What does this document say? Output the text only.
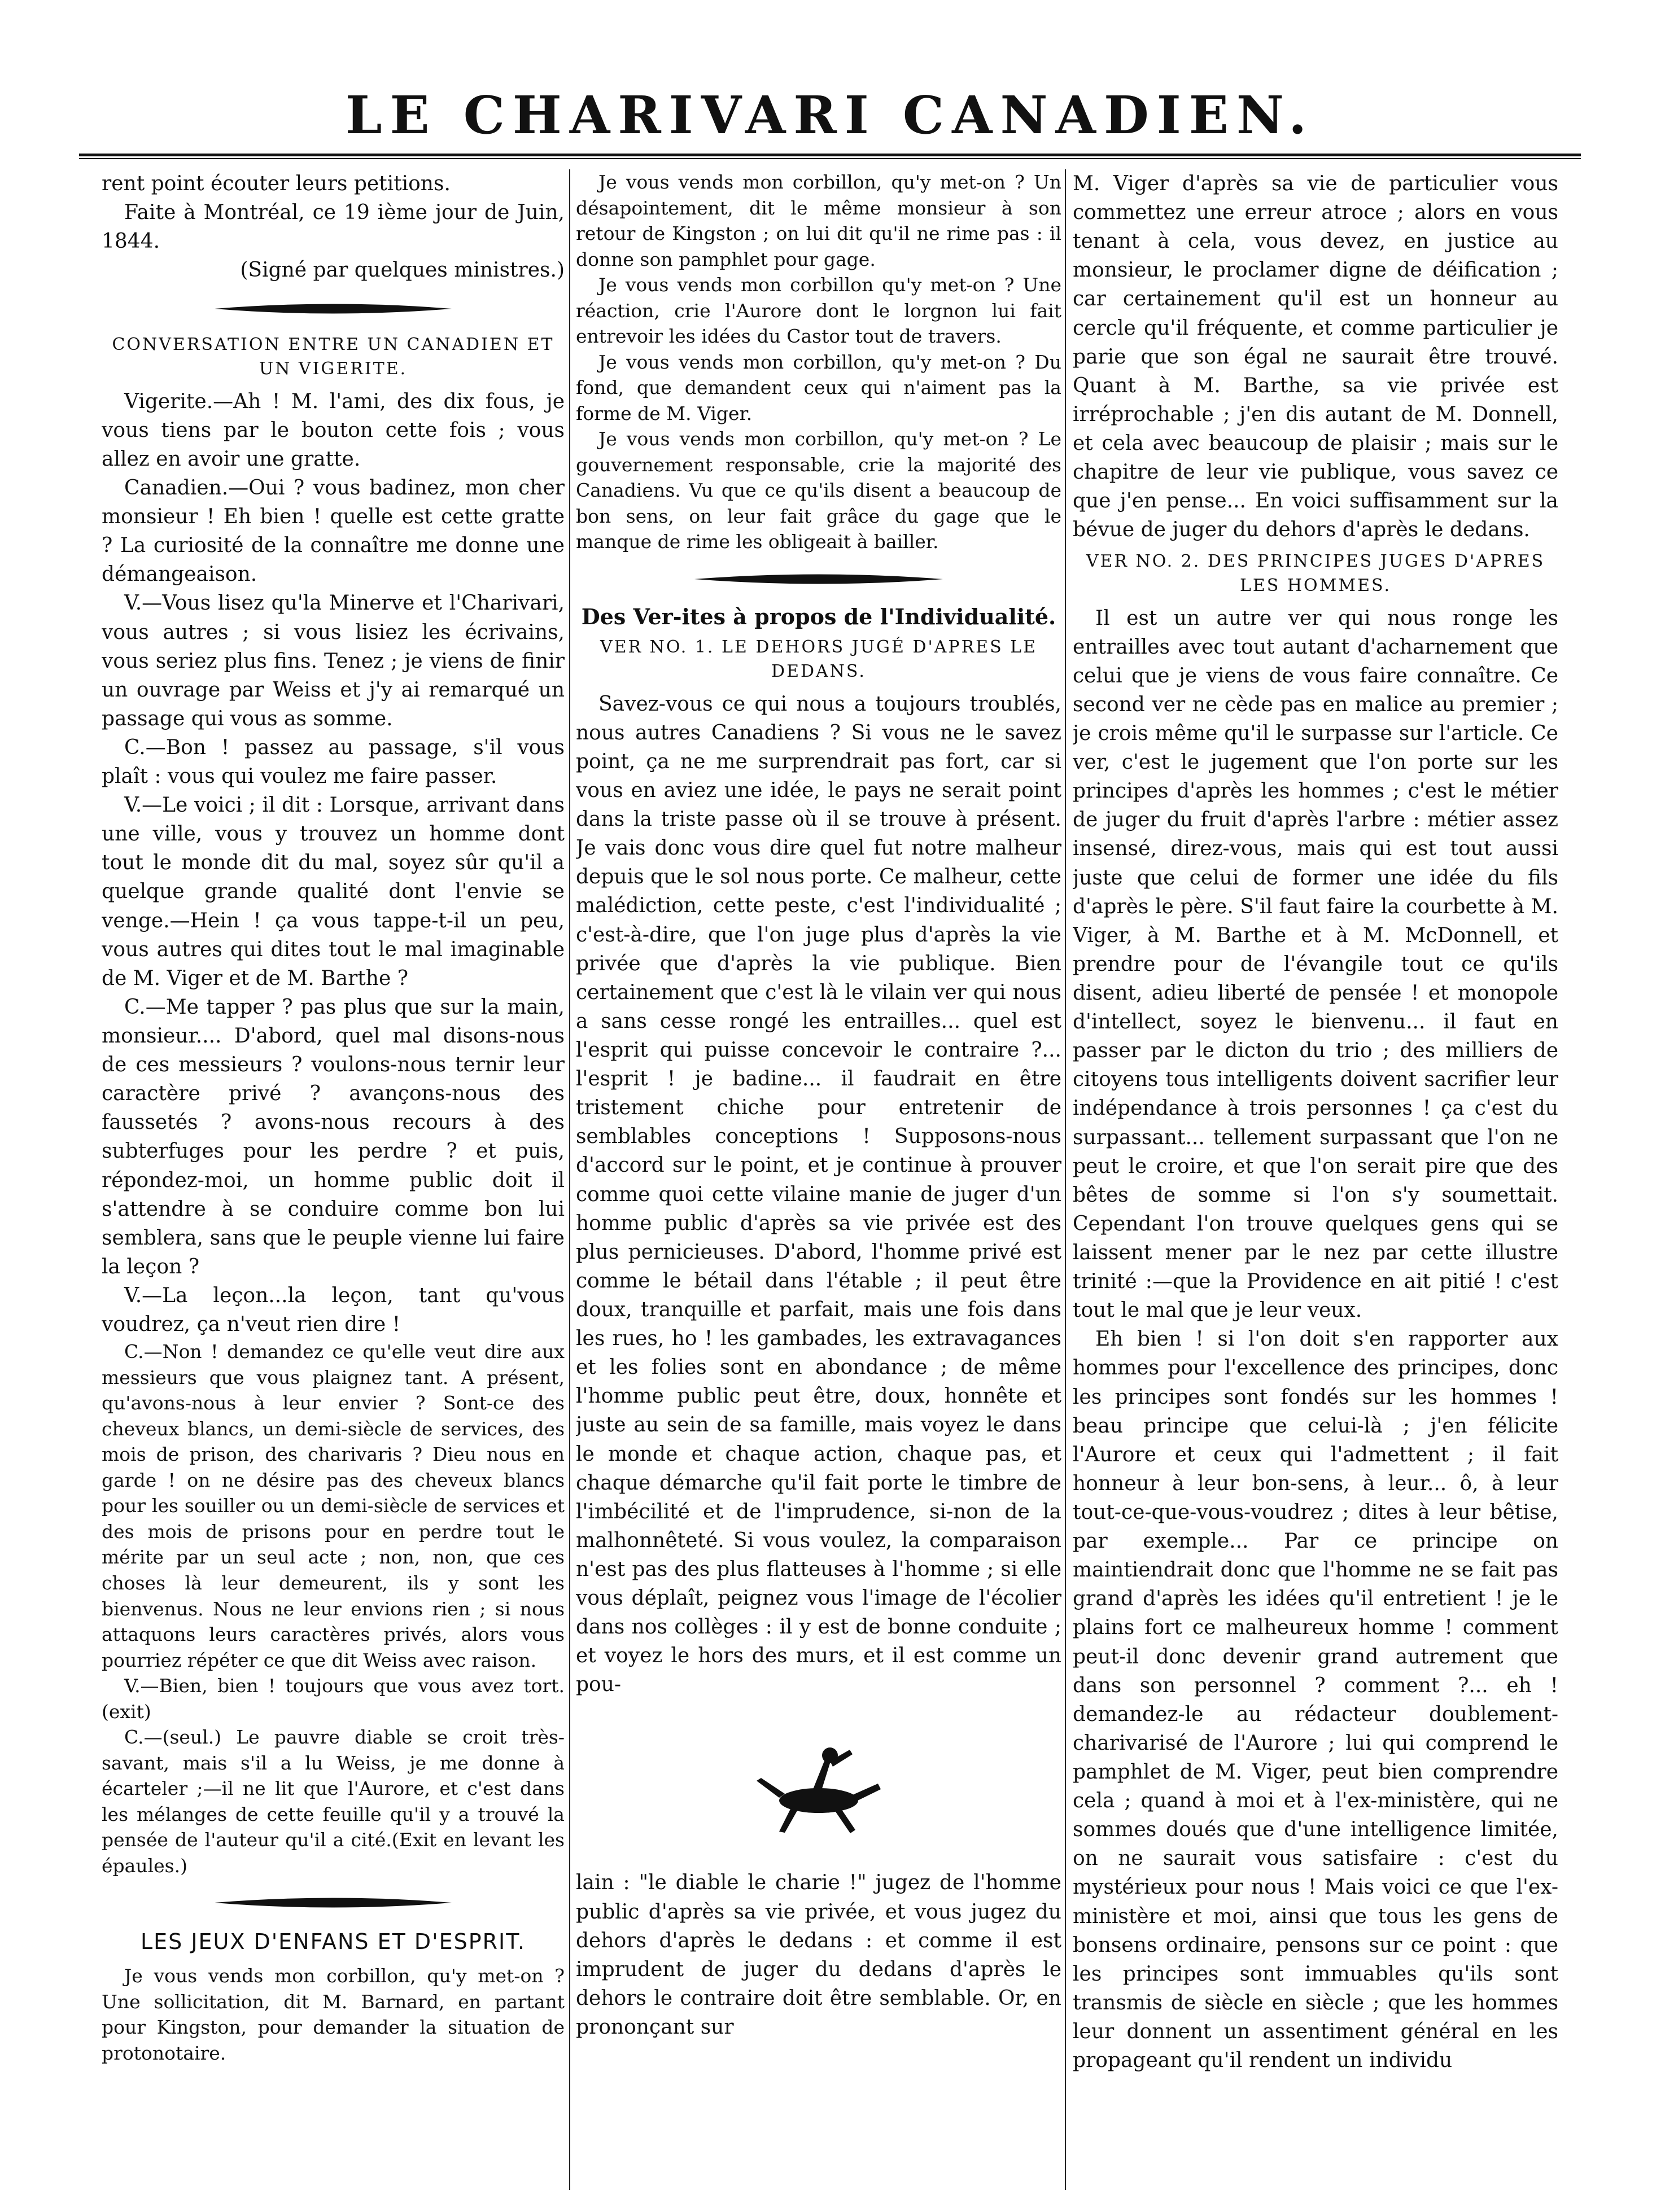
LE CHARIVARI CANADIEN.

rent point écouter leurs petitions.

Faite à Montréal, ce 19 ième jour de Juin, 1844.

(Signé par quelques ministres.)

CONVERSATION ENTRE UN CANADIEN ET UN VIGERITE.

Vigerite.—Ah ! M. l'ami, des dix fous, je vous tiens par le bouton cette fois ; vous allez en avoir une gratte.

Canadien.—Oui ? vous badinez, mon cher monsieur ! Eh bien ! quelle est cette gratte ? La curiosité de la connaître me donne une démangeaison.

V.—Vous lisez qu'la Minerve et l'Charivari, vous autres ; si vous lisiez les écrivains, vous seriez plus fins. Tenez ; je viens de finir un ouvrage par Weiss et j'y ai remarqué un passage qui vous as somme.

C.—Bon ! passez au passage, s'il vous plaît : vous qui voulez me faire passer.

V.—Le voici ; il dit : Lorsque, arrivant dans une ville, vous y trouvez un homme dont tout le monde dit du mal, soyez sûr qu'il a quelque grande qualité dont l'envie se venge.—Hein ! ça vous tappe-t-il un peu, vous autres qui dites tout le mal imaginable de M. Viger et de M. Barthe ?

C.—Me tapper ? pas plus que sur la main, monsieur.... D'abord, quel mal disons-nous de ces messieurs ? voulons-nous ternir leur caractère privé ? avançons-nous des faussetés ? avons-nous recours à des subterfuges pour les perdre ? et puis, répondez-moi, un homme public doit il s'attendre à se conduire comme bon lui semblera, sans que le peuple vienne lui faire la leçon ?

V.—La leçon...la leçon, tant qu'vous voudrez, ça n'veut rien dire !

C.—Non ! demandez ce qu'elle veut dire aux messieurs que vous plaignez tant. A présent, qu'avons-nous à leur envier ? Sont-ce des cheveux blancs, un demi-siècle de services, des mois de prison, des charivaris ? Dieu nous en garde ! on ne désire pas des cheveux blancs pour les souiller ou un demi-siècle de services et des mois de prisons pour en perdre tout le mérite par un seul acte ; non, non, que ces choses là leur demeurent, ils y sont les bienvenus. Nous ne leur envions rien ; si nous attaquons leurs caractères privés, alors vous pourriez répéter ce que dit Weiss avec raison.

V.—Bien, bien ! toujours que vous avez tort. (exit)

C.—(seul.) Le pauvre diable se croit très-savant, mais s'il a lu Weiss, je me donne à écarteler ;—il ne lit que l'Aurore, et c'est dans les mélanges de cette feuille qu'il y a trouvé la pensée de l'auteur qu'il a cité.(Exit en levant les épaules.)

LES JEUX D'ENFANS ET D'ESPRIT.

Je vous vends mon corbillon, qu'y met-on ? Une sollicitation, dit M. Barnard, en partant pour Kingston, pour demander la situation de protonotaire.

Je vous vends mon corbillon, qu'y met-on ? Un désapointement, dit le même monsieur à son retour de Kingston ; on lui dit qu'il ne rime pas : il donne son pamphlet pour gage.

Je vous vends mon corbillon qu'y met-on ? Une réaction, crie l'Aurore dont le lorgnon lui fait entrevoir les idées du Castor tout de travers.

Je vous vends mon corbillon, qu'y met-on ? Du fond, que demandent ceux qui n'aiment pas la forme de M. Viger.

Je vous vends mon corbillon, qu'y met-on ? Le gouvernement responsable, crie la majorité des Canadiens. Vu que ce qu'ils disent a beaucoup de bon sens, on leur fait grâce du gage que le manque de rime les obligeait à bailler.

Des Ver-ites à propos de l'Individualité.
VER NO. 1. LE DEHORS JUGÉ D'APRES LE DEDANS.

Savez-vous ce qui nous a toujours troublés, nous autres Canadiens ? Si vous ne le savez point, ça ne me surprendrait pas fort, car si vous en aviez une idée, le pays ne serait point dans la triste passe où il se trouve à présent. Je vais donc vous dire quel fut notre malheur depuis que le sol nous porte. Ce malheur, cette malédiction, cette peste, c'est l'individualité ; c'est-à-dire, que l'on juge plus d'après la vie privée que d'après la vie publique. Bien certainement que c'est là le vilain ver qui nous a sans cesse rongé les entrailles... quel est l'esprit qui puisse concevoir le contraire ?... l'esprit ! je badine... il faudrait en être tristement chiche pour entretenir de semblables conceptions ! Supposons-nous d'accord sur le point, et je continue à prouver comme quoi cette vilaine manie de juger d'un homme public d'après sa vie privée est des plus pernicieuses. D'abord, l'homme privé est comme le bétail dans l'étable ; il peut être doux, tranquille et parfait, mais une fois dans les rues, ho ! les gambades, les extravagances et les folies sont en abondance ; de même l'homme public peut être, doux, honnête et juste au sein de sa famille, mais voyez le dans le monde et chaque action, chaque pas, et chaque démarche qu'il fait porte le timbre de l'imbécilité et de l'imprudence, si-non de la malhonnêteté. Si vous voulez, la comparaison n'est pas des plus flatteuses à l'homme ; si elle vous déplaît, peignez vous l'image de l'écolier dans nos collèges : il y est de bonne conduite ; et voyez le hors des murs, et il est comme un pou-

lain : "le diable le charie !" jugez de l'homme public d'après sa vie privée, et vous jugez du dehors d'après le dedans : et comme il est imprudent de juger du dedans d'après le dehors le contraire doit être semblable. Or, en prononçant sur

M. Viger d'après sa vie de particulier vous commettez une erreur atroce ; alors en vous tenant à cela, vous devez, en justice au monsieur, le proclamer digne de déification ; car certainement qu'il est un honneur au cercle qu'il fréquente, et comme particulier je parie que son égal ne saurait être trouvé. Quant à M. Barthe, sa vie privée est irréprochable ; j'en dis autant de M. Donnell, et cela avec beaucoup de plaisir ; mais sur le chapitre de leur vie publique, vous savez ce que j'en pense... En voici suffisamment sur la bévue de juger du dehors d'après le dedans.

VER NO. 2. DES PRINCIPES JUGES D'APRES LES HOMMES.

Il est un autre ver qui nous ronge les entrailles avec tout autant d'acharnement que celui que je viens de vous faire connaître. Ce second ver ne cède pas en malice au premier ; je crois même qu'il le surpasse sur l'article. Ce ver, c'est le jugement que l'on porte sur les principes d'après les hommes ; c'est le métier de juger du fruit d'après l'arbre : métier assez insensé, direz-vous, mais qui est tout aussi juste que celui de former une idée du fils d'après le père. S'il faut faire la courbette à M. Viger, à M. Barthe et à M. McDonnell, et prendre pour de l'évangile tout ce qu'ils disent, adieu liberté de pensée ! et monopole d'intellect, soyez le bienvenu... il faut en passer par le dicton du trio ; des milliers de citoyens tous intelligents doivent sacrifier leur indépendance à trois personnes ! ça c'est du surpassant... tellement surpassant que l'on ne peut le croire, et que l'on serait pire que des bêtes de somme si l'on s'y soumettait. Cependant l'on trouve quelques gens qui se laissent mener par le nez par cette illustre trinité :—que la Providence en ait pitié ! c'est tout le mal que je leur veux.

Eh bien ! si l'on doit s'en rapporter aux hommes pour l'excellence des principes, donc les principes sont fondés sur les hommes ! beau principe que celui-là ; j'en félicite l'Aurore et ceux qui l'admettent ; il fait honneur à leur bon-sens, à leur... ô, à leur tout-ce-que-vous-voudrez ; dites à leur bêtise, par exemple... Par ce principe on maintiendrait donc que l'homme ne se fait pas grand d'après les idées qu'il entretient ! je le plains fort ce malheureux homme ! comment peut-il donc devenir grand autrement que dans son personnel ? comment ?... eh ! demandez-le au rédacteur doublement-charivarisé de l'Aurore ; lui qui comprend le pamphlet de M. Viger, peut bien comprendre cela ; quand à moi et à l'ex-ministère, qui ne sommes doués que d'une intelligence limitée, on ne saurait vous satisfaire : c'est du mystérieux pour nous ! Mais voici ce que l'ex-ministère et moi, ainsi que tous les gens de bonsens ordinaire, pensons sur ce point : que les principes sont immuables qu'ils sont transmis de siècle en siècle ; que les hommes leur donnent un assentiment général en les propageant qu'il rendent un individu
